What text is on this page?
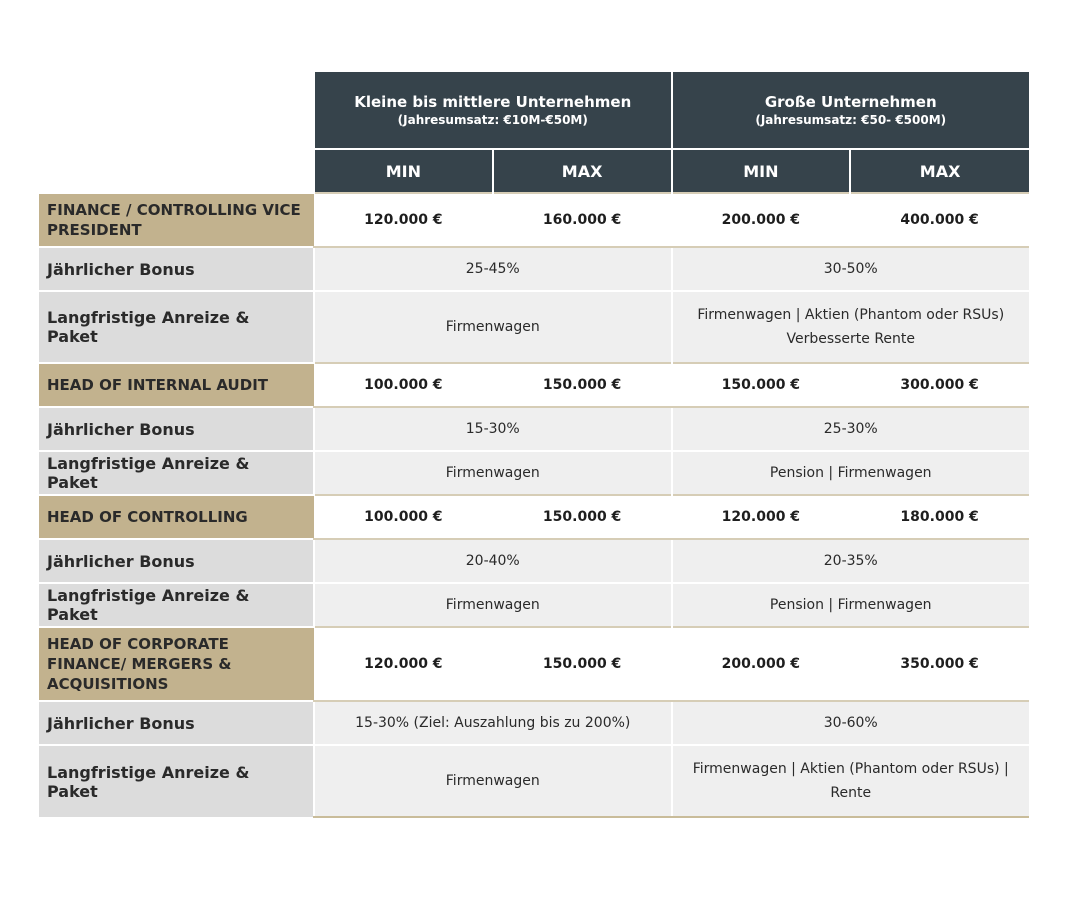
	Kleine bis mittlere Unternehmen
(Jahresumsatz: €10M-€50M)		Große Unternehmen
(Jahresumsatz: €50- €500M)	

	MIN	MAX	MIN	MAX
FINANCE / CONTROLLING VICE PRESIDENT	120.000 €	160.000 €	200.000 €	400.000 €
Jährlicher Bonus	25-45%		30-50%	
Langfristige Anreize & Paket	Firmenwagen		Firmenwagen | Aktien (Phantom oder RSUs)
Verbesserte Rente	
HEAD OF INTERNAL AUDIT	100.000 €	150.000 €	150.000 €	300.000 €
Jährlicher Bonus	15-30%		25-30%	
Langfristige Anreize & Paket	Firmenwagen		Pension | Firmenwagen	
HEAD OF CONTROLLING	100.000 €	150.000 €	120.000 €	180.000 €
Jährlicher Bonus	20-40%		20-35%	
Langfristige Anreize & Paket	Firmenwagen		Pension | Firmenwagen	
HEAD OF CORPORATE FINANCE/ MERGERS & ACQUISITIONS	120.000 €	150.000 €	200.000 €	350.000 €
Jährlicher Bonus	15-30% (Ziel: Auszahlung bis zu 200%)		30-60%	
Langfristige Anreize & Paket	Firmenwagen		Firmenwagen | Aktien (Phantom oder RSUs) |
Rente	
